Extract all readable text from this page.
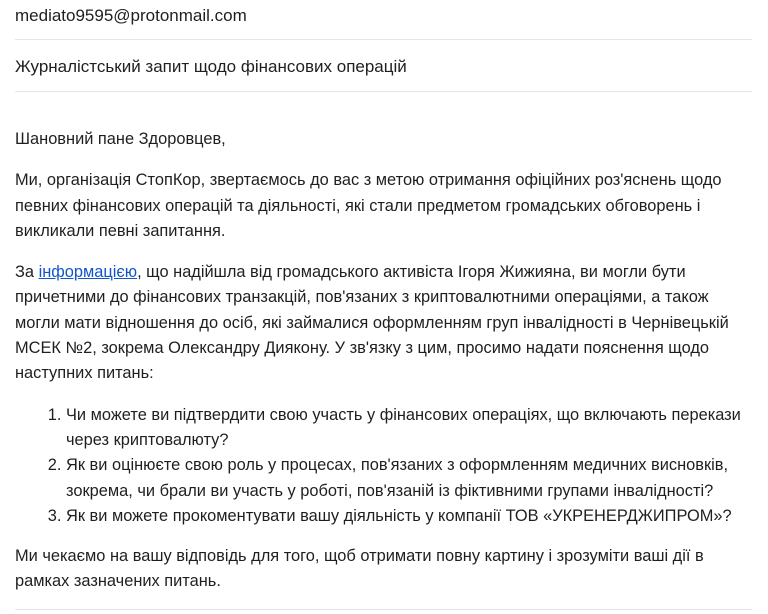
mediato9595@protonmail.com
Журналістський запит щодо фінансових операцій

Шановний пане Здоровцев,

Ми, організація СтопКор, звертаємось до вас з метою отримання офіційних роз'яснень щодо певних фінансових операцій та діяльності, які стали предметом громадських обговорень і викликали певні запитання.

За інформацією, що надійшла від громадського активіста Ігоря Жижияна, ви могли бути причетними до фінансових транзакцій, пов'язаних з криптовалютними операціями, а також могли мати відношення до осіб, які займалися оформленням груп інвалідності в Чернівецькій МСЕК №2, зокрема Олександру Диякону. У зв'язку з цим, просимо надати пояснення щодо наступних питань:

1. Чи можете ви підтвердити свою участь у фінансових операціях, що включають перекази через криптовалюту?
2. Як ви оцінюєте свою роль у процесах, пов'язаних з оформленням медичних висновків, зокрема, чи брали ви участь у роботі, пов'язаній із фіктивними групами інвалідності?
3. Як ви можете прокоментувати вашу діяльність у компанії ТОВ «УКРЕНЕРДЖИПРОМ»?

Ми чекаємо на вашу відповідь для того, щоб отримати повну картину і зрозуміти ваші дії в рамках зазначених питань.
